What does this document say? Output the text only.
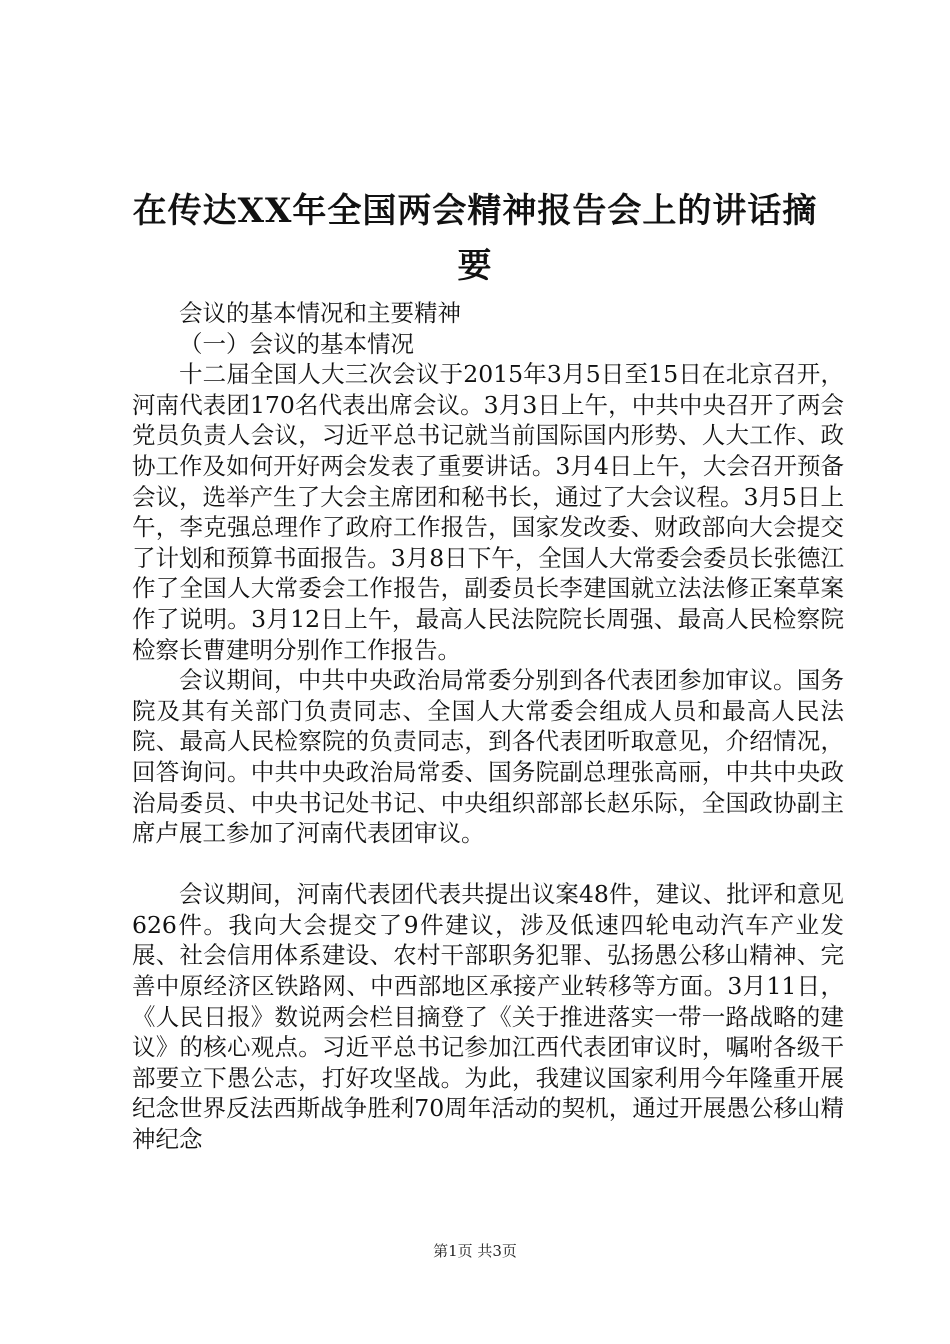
在传达XX年全国两会精神报告会上的讲话摘要

会议的基本情况和主要精神

（一）会议的基本情况

十二届全国人大三次会议于2015年3月5日至15日在北京召开，河南代表团170名代表出席会议。3月3日上午，中共中央召开了两会党员负责人会议，习近平总书记就当前国际国内形势、人大工作、政协工作及如何开好两会发表了重要讲话。3月4日上午，大会召开预备会议，选举产生了大会主席团和秘书长，通过了大会议程。3月5日上午，李克强总理作了政府工作报告，国家发改委、财政部向大会提交了计划和预算书面报告。3月8日下午，全国人大常委会委员长张德江作了全国人大常委会工作报告，副委员长李建国就立法法修正案草案作了说明。3月12日上午，最高人民法院院长周强、最高人民检察院检察长曹建明分别作工作报告。

会议期间，中共中央政治局常委分别到各代表团参加审议。国务院及其有关部门负责同志、全国人大常委会组成人员和最高人民法院、最高人民检察院的负责同志，到各代表团听取意见，介绍情况，回答询问。中共中央政治局常委、国务院副总理张高丽，中共中央政治局委员、中央书记处书记、中央组织部部长赵乐际，全国政协副主席卢展工参加了河南代表团审议。

会议期间，河南代表团代表共提出议案48件，建议、批评和意见626件。我向大会提交了9件建议，涉及低速四轮电动汽车产业发展、社会信用体系建设、农村干部职务犯罪、弘扬愚公移山精神、完善中原经济区铁路网、中西部地区承接产业转移等方面。3月11日，《人民日报》数说两会栏目摘登了《关于推进落实一带一路战略的建议》的核心观点。习近平总书记参加江西代表团审议时，嘱咐各级干部要立下愚公志，打好攻坚战。为此，我建议国家利用今年隆重开展纪念世界反法西斯战争胜利70周年活动的契机，通过开展愚公移山精神纪念

第1页 共3页
